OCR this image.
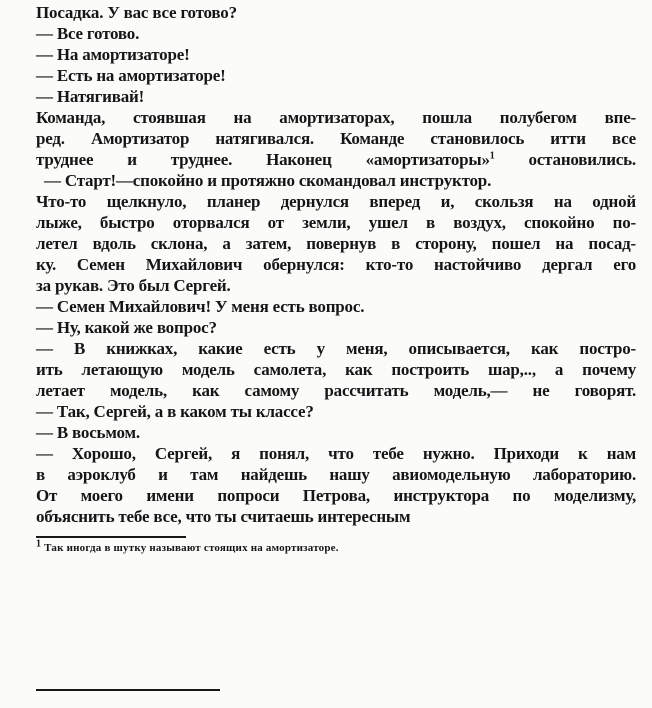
Посадка. У вас все готово?
— Все готово.
— На амортизаторе!
— Есть на амортизаторе!
— Натягивай!
Команда, стоявшая на амортизаторах, пошла полубегом впе-
ред. Амортизатор натягивался. Команде становилось итти все
труднее и труднее. Наконец «амортизаторы»$^1$ остановились.
— Старт!—спокойно и протяжно скомандовал инструктор.
Что-то щелкнуло, планер дернулся вперед и, скользя на одной
лыже, быстро оторвался от земли, ушел в воздух, спокойно по-
летел вдоль склона, а затем, повернув в сторону, пошел на посад-
ку. Семен Михайлович обернулся: кто-то настойчиво дергал его
за рукав. Это был Сергей.
— Семен Михайлович! У меня есть вопрос.
— Ну, какой же вопрос?
— В книжках, какие есть у меня, описывается, как постро-
ить летающую модель самолета, как построить шар,.., а почему
летает модель, как самому рассчитать модель,— не говорят.
— Так, Сергей, а в каком ты классе?
— В восьмом.
— Хорошо, Сергей, я понял, что тебе нужно. Приходи к нам
в аэроклуб и там найдешь нашу авиомодельную лабораторию.
От моего имени попроси Петрова, инструктора по моделизму,
объяснить тебе все, что ты считаешь интересным
1 Так иногда в шутку называют стоящих на амортизаторе.
